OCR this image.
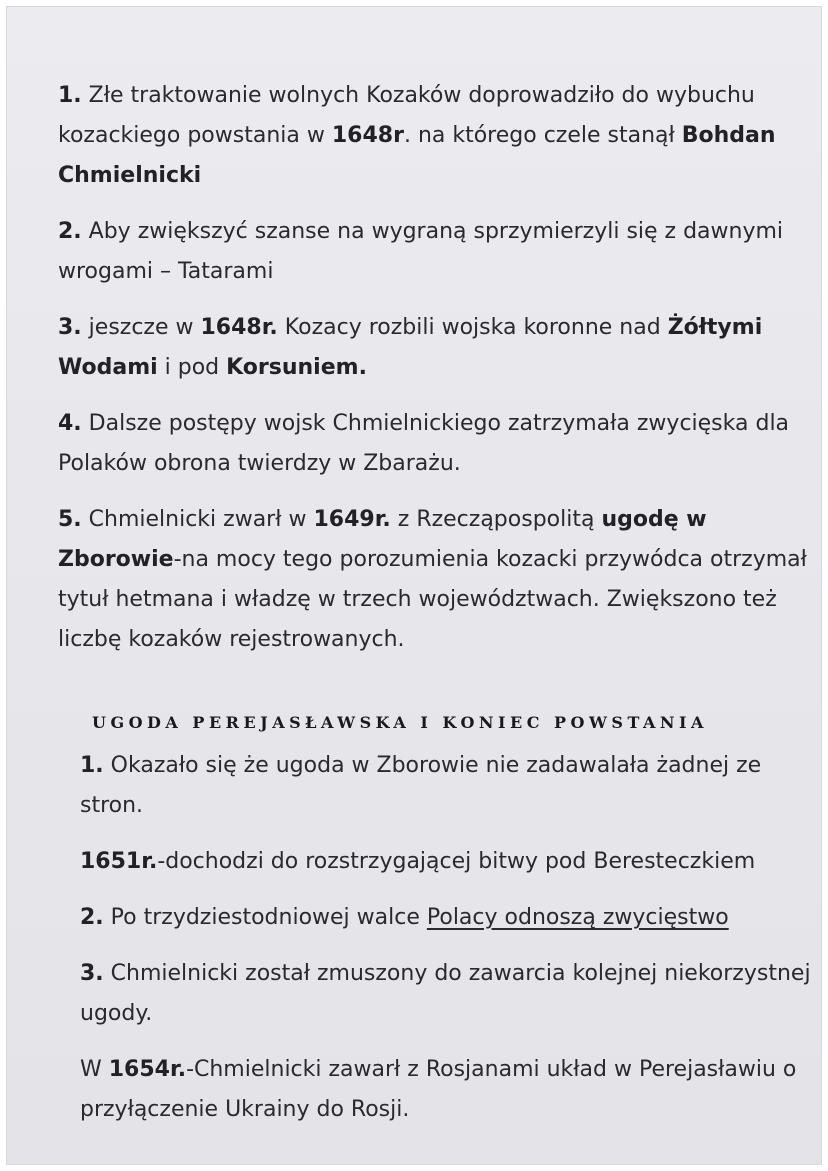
1. Złe traktowanie wolnych Kozaków doprowadziło do wybuchu kozackiego powstania w 1648r. na którego czele stanął Bohdan Chmielnicki

2. Aby zwiększyć szanse na wygraną sprzymierzyli się z dawnymi wrogami – Tatarami

3. jeszcze w 1648r. Kozacy rozbili wojska koronne nad Żółtymi Wodami i pod Korsuniem.

4. Dalsze postępy wojsk Chmielnickiego zatrzymała zwycięska dla Polaków obrona twierdzy w Zbarażu.

5. Chmielnicki zwarł w 1649r. z Rzecząpospolitą ugodę w Zborowie-na mocy tego porozumienia kozacki przywódca otrzymał tytuł hetmana i władzę w trzech województwach. Zwiększono też liczbę kozaków rejestrowanych.

UGODA PEREJASŁAWSKA I KONIEC POWSTANIA

1. Okazało się że ugoda w Zborowie nie zadawalała żadnej ze stron.

1651r.-dochodzi do rozstrzygającej bitwy pod Beresteczkiem

2. Po trzydziestodniowej walce Polacy odnoszą zwycięstwo

3. Chmielnicki został zmuszony do zawarcia kolejnej niekorzystnej ugody.

W 1654r.-Chmielnicki zawarł z Rosjanami układ w Perejasławiu o przyłączenie Ukrainy do Rosji.
